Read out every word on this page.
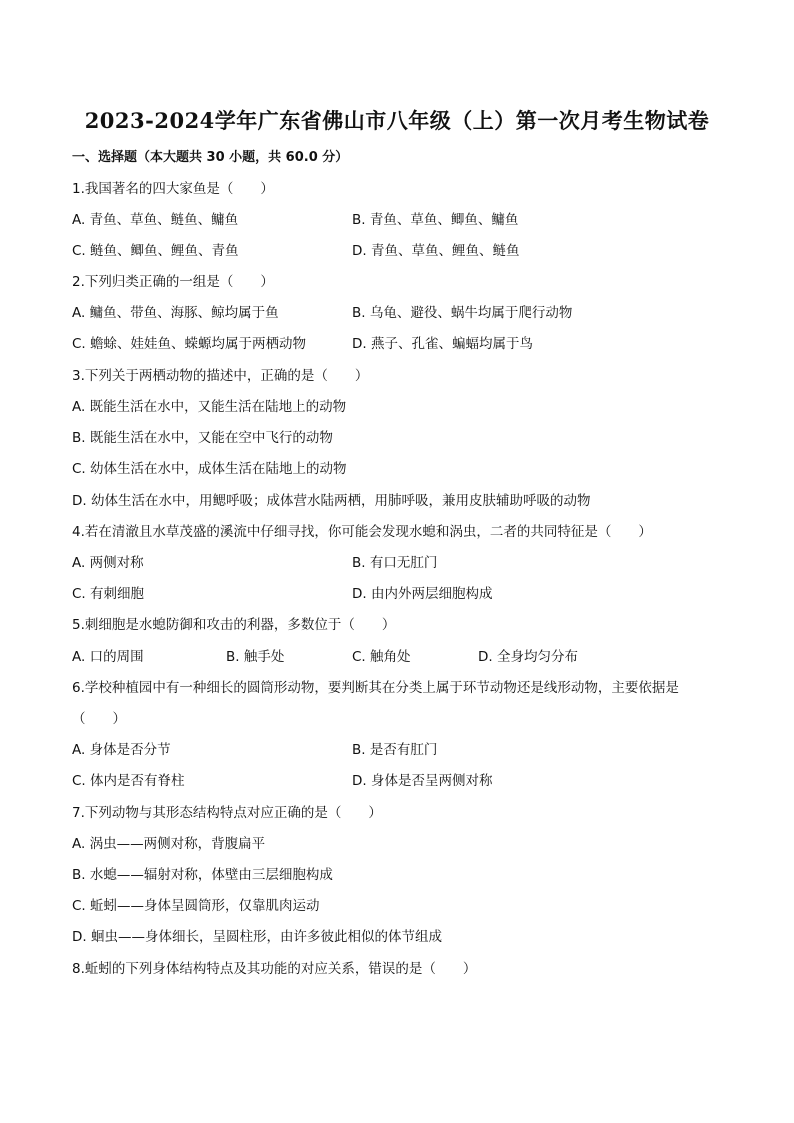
2023-2024学年广东省佛山市八年级（上）第一次月考生物试卷
一、选择题（本大题共 30 小题，共 60.0 分）
1.我国著名的四大家鱼是（　　）
A. 青鱼、草鱼、鲢鱼、鳙鱼	B. 青鱼、草鱼、鲫鱼、鳙鱼
C. 鲢鱼、鲫鱼、鲤鱼、青鱼	D. 青鱼、草鱼、鲤鱼、鲢鱼
2.下列归类正确的一组是（　　）
A. 鳙鱼、带鱼、海豚、鲸均属于鱼	B. 乌龟、避役、蜗牛均属于爬行动物
C. 蟾蜍、娃娃鱼、蝾螈均属于两栖动物	D. 燕子、孔雀、蝙蝠均属于鸟
3.下列关于两栖动物的描述中，正确的是（　　）
A. 既能生活在水中，又能生活在陆地上的动物
B. 既能生活在水中，又能在空中飞行的动物
C. 幼体生活在水中，成体生活在陆地上的动物
D. 幼体生活在水中，用鳃呼吸；成体营水陆两栖，用肺呼吸，兼用皮肤辅助呼吸的动物
4.若在清澈且水草茂盛的溪流中仔细寻找，你可能会发现水螅和涡虫，二者的共同特征是（　　）
A. 两侧对称	B. 有口无肛门
C. 有刺细胞	D. 由内外两层细胞构成
5.刺细胞是水螅防御和攻击的利器，多数位于（　　）
A. 口的周围	B. 触手处	C. 触角处	D. 全身均匀分布
6.学校种植园中有一种细长的圆筒形动物，要判断其在分类上属于环节动物还是线形动物，主要依据是
（　　）
A. 身体是否分节	B. 是否有肛门
C. 体内是否有脊柱	D. 身体是否呈两侧对称
7.下列动物与其形态结构特点对应正确的是（　　）
A. 涡虫——两侧对称，背腹扁平
B. 水螅——辐射对称，体壁由三层细胞构成
C. 蚯蚓——身体呈圆筒形，仅靠肌肉运动
D. 蛔虫——身体细长，呈圆柱形，由许多彼此相似的体节组成
8.蚯蚓的下列身体结构特点及其功能的对应关系，错误的是（　　）
